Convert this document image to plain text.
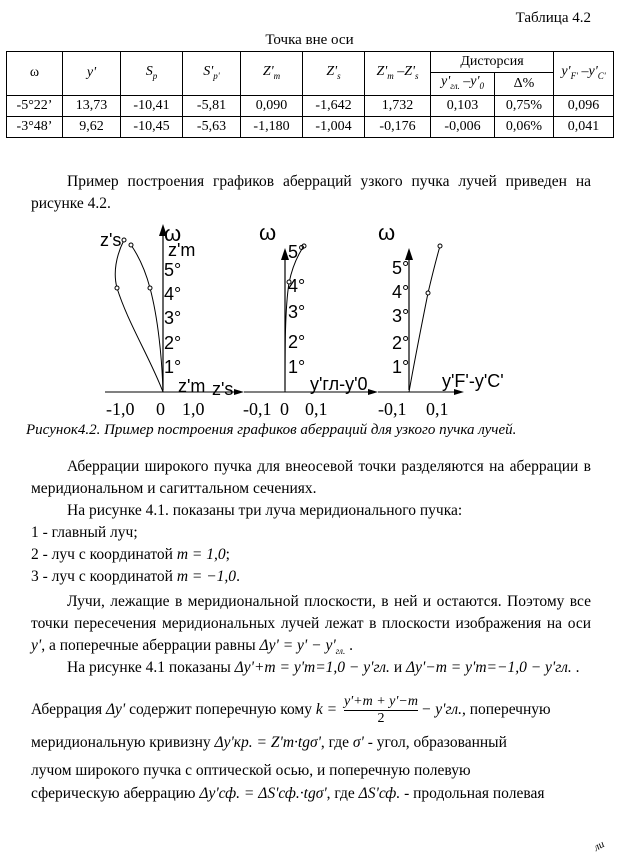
Таблица 4.2
Точка вне оси
ω	y'	$S_p$	$S'_{p'}$	$Z'_m$	$Z'_s$	$Z'_m$ $-Z'_s$	Дисторсия		$y'_{F'}$ $-y'_{C'}$
							$y'_{гл.}$ $-y'_0$	Δ%	
-5°22’	13,73	-10,41	-5,81	0,090	-1,642	1,732	0,103	0,75%	0,096
-3°48’	9,62	-10,45	-5,63	-1,180	-1,004	-0,176	-0,006	0,06%	0,041
Пример построения графиков аберраций узкого пучка лучей приведен на рисунке 4.2.
ω
z's	z'm
5°
4°
3°
2°
1°
z'm z's
-1,0 0 1,0
ω
5°
4°
3°
2°
1°
y'гл-y'0
-0,1 0 0,1
ω
5°
4°
3°
2°
1°
y'F'-y'C'
-0,1 0,1
Рисунок4.2. Пример построения графиков аберраций для узкого пучка лучей.
Аберрации широкого пучка для внеосевой точки разделяются на аберрации в меридиональном и сагиттальном сечениях.
На рисунке 4.1. показаны три луча меридионального пучка:
1 - главный луч;
2 - луч с координатой m = 1,0;
3 - луч с координатой m = −1,0.
Лучи, лежащие в меридиональной плоскости, в ней и остаются. Поэтому все точки пересечения меридиональных лучей лежат в плоскости изображения на оси y', а поперечные аберрации равны $\Delta y' = y' - y'_{гл.}$ .
На рисунке 4.1 показаны Δy'+m = y'm=1,0 − y'гл. и Δy'−m = y'm=−1,0 − y'гл. .
Аберрация Δy' содержит поперечную кому $k = \frac{y'+m + y'-m}{2} - y'гл$., поперечную
меридиональную кривизну Δy'кр. = Z'm·tgσ', где σ' - угол, образованный
лучом широкого пучка с оптической осью, и поперечную полевую
сферическую аберрацию Δy'сф. = ΔS'сф.·tgσ', где ΔS'сф. - продольная полевая
ли
